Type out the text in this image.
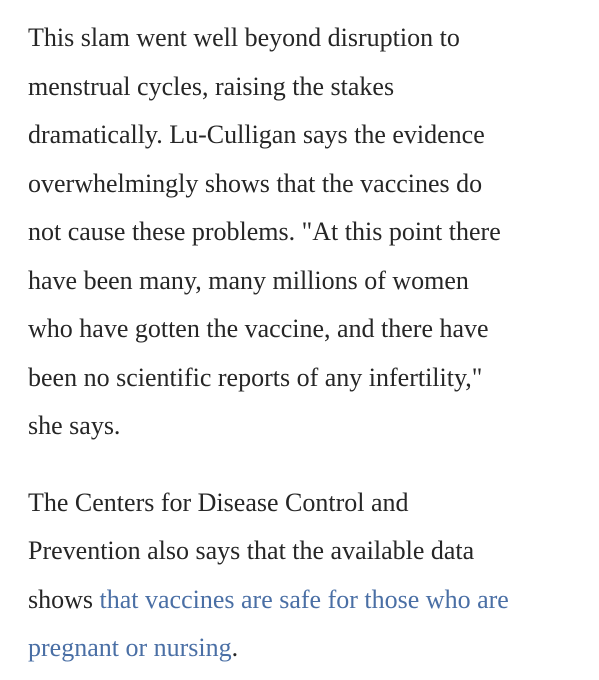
This slam went well beyond disruption to
menstrual cycles, raising the stakes
dramatically. Lu-Culligan says the evidence
overwhelmingly shows that the vaccines do
not cause these problems. "At this point there
have been many, many millions of women
who have gotten the vaccine, and there have
been no scientific reports of any infertility,"
she says.

The Centers for Disease Control and
Prevention also says that the available data
shows that vaccines are safe for those who are
pregnant or nursing.
